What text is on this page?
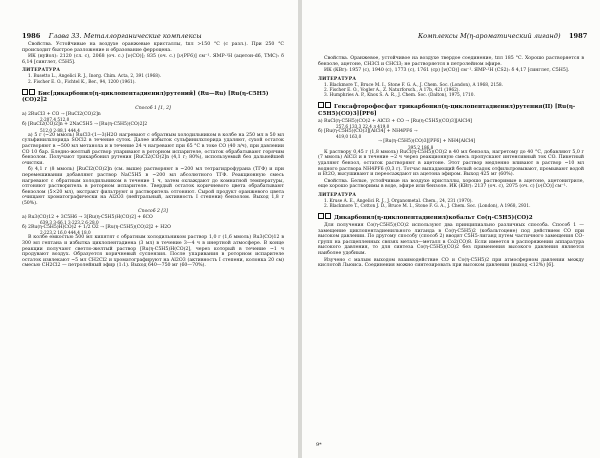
1986 Глава 33. Металлорганические комплексы

Свойства. Устойчивые на воздухе оранжевые кристаллы, tпл >150 °С (с разл.). При 250 °С происходит быстрое разложение и образование ферроцена.

ИК (нуйол): 2120 (сл. с), 2068 (оч. с.) [ν(CO)]; 835 (оч. с.) [ν(PF6)] см⁻¹. ЯМР-¹Н (ацетон-d6, ТМС): δ 6,14 [синглет, C5H5].

ЛИТЕРАТУРА

1. Busetto L., Angelici R. J., Inorg. Chim. Acta, 2, 391 (1968).

2. Fischer E. O., Fichtel K., Ber., 94, 1200 (1961).

Бис[дикарбонил(η-циклопентадиенил)рутений] (Ru—Ru) [Ru(η-C5H5)(CO)2]2
Способ 1 [1, 2]

a) 2RuCl3 + CO → [RuCl2(CO)2]n

2·207,4 512,0

б) [RuCl2(CO)2]n + 2NaC5H5 → [Ru(η-C5H5)(CO)2]2

512,0 2·88,1 444,4

а) 5 г (~20 ммоль) RuCl3·(1—3)H2O нагревают с обратным холодильником в колбе на 250 мл в 50 мл сульфинилхлорида SOCl2 в течение суток. Далее избыток сульфинилхлорида удаляют, сухой остаток растворяют в ~500 мл метанола и в течение 24 ч нагревают при 65 °С в токе CO (40 л/ч), при давлении СО 10 бар. Бледно-желтый раствор упаривают в роторном испарителе, остаток обрабатывают горячим бензолом. Получают трикарбонил рутения [RuCl2(CO)2]n (4,1 г; 80%), используемый без дальнейшей очистки.

б) 4,1 г (8 ммоль) [RuCl2(CO)2]n (см. выше) растворяют в ~200 мл тетрагидрофурана (ТГФ) и при перемешивании добавляют раствор NaC5H5 в ~200 мл абсолютного ТГФ. Реакционную смесь нагревают с обратным холодильником в течение 1 ч, затем охлаждают до комнатной температуры, отгоняют растворитель в роторном испарителе. Твердый остаток коричневого цвета обрабатывают бензолом (5×20 мл), экстракт фильтруют и растворитель отгоняют. Сырой продукт оранжевого цвета очищают хроматографически на Al2O3 (нейтральный, активность I степени) бензолом. Выход 1,8 г (50%).

Способ 2 [3]

a) Ru3(CO)12 + 3C5H6 → 3[Ru(η-C5H5)H(CO)2] + 6CO

639,3 3·66,1 3·223,2 6·28,0

б) 2Ru(η-C5H5)H(CO)2 + 1/2 O2 → [Ru(η-C5H5)(CO)2]2 + H2O

2·223,2 16,0 444,4 18,0

В колбе емкостью 500 мл кипятят с обратным холодильником раствор 1,0 г (1,6 ммоль) Ru3(CO)12 в 300 мл гептана и избытка циклопентадиена (3 мл) в течение 3—4 ч в инертной атмосфере. В конце реакции получают светло-желтый раствор [Ru(η-C5H5)H(CO)2], через который в течение ~1 ч продувают воздух. Образуется коричневый суспензия. После упаривания в роторном испарителе остаток извлекают ~5 мл CH2Cl2 и хроматографируют на Al2O3 (активность I степени, колонка 20 см) смесью CH2Cl2 — петролейный эфир (1:1). Выход 640—750 мг (60—70%).

Комплексы M(η-ароматический лиганд) 1987

Свойства. Оранжевое, устойчивое на воздухе твердое соединение, tпл 185 °С. Хорошо растворяется в бензоле, ацетоне, CH3Cl и CHCl3; не растворяется в петролейном эфире.

ИК (КBr): 1957 (с), 1940 (с), 1773 (с), 1761 (ср) [ν(CO)] см⁻¹. ЯМР-¹Н (CS2): δ 4,17 [синглет, C5H5].

ЛИТЕРАТУРА

1. Blackmore T., Bruce M. I., Stone F. G. A., J. Chem. Soc. (London), A 1968, 2158.

2. Fischer E. O., Vogler A., Z. Naturforsch., A 17b, 421 (1962).

3. Humphries A. P., Knox S. A. R., J. Chem. Soc. (Dalton), 1975, 1710.

Гексафторофосфат трикарбонил(η-циклопентадиенил)рутения(II) [Ru(η-C5H5)(CO)3][PF6]

a) RuCl(η-C5H5)(CO)2 + AlCl3 + CO → [Ru(η-C5H5)(CO)3][AlCl4]

257,6 133,3 22,4 л 419,0

б) [Ru(η-C5H5)(CO)3][AlCl4] + NH4PF6 →

419,0 163,0

→ [Ru(η-C5H5)(CO)3][PF6] + NH4[AlCl4]

395,2 186,8

К раствору 0,45 г (1,8 ммоль) RuCl(η-C5H5)(CO)2 в 40 мл бензола, нагретому до 40 °С, добавляют 5,0 г (7 ммоль) AlCl3 и в течение ~2 ч через реакционную смесь пропускают интенсивный ток CO. Пикетный удаляют бензол, остаток растворяют в ацетоне. Этот раствор медленно вливают в раствор ~10 мл водного раствора NH4PF6 (0,3 г). Тотчас выпадающий белый осадок отфильтровывают, промывают водой и Et2O, высушивают и переосаждают из ацетона эфиром. Выход 425 мг (60%).

Свойства. Белые, устойчивые на воздухе кристаллы, хорошо растворимые в ацетоне, ацетонитриле, еще хорошо растворимы в воде, эфире или бензоле. ИК (KBr): 2137 (оч. с), 2075 (оч. с) [ν(CO)] см⁻¹.

ЛИТЕРАТУРА

1. Kruse A. E., Angelici R. J., J. Organometal. Chem., 24, 231 (1970).

2. Blackmore T., Cotton J. D., Bruce M. I., Stone F. G. A., J. Chem. Soc. (London), A 1968, 2931.

Дикарбонил(η-циклопентадиенил)кобальт Co(η-C5H5)(CO)2

Для получения Co(η-C5H5)(CO)2 используют два принципиально различных способа. Способ 1 — замещение циклопентадиенильного лиганда в Co(η-C5H5)2 (кобальтоцене) под действием CO при высоком давлении. По другому способу (способ 2) вводят C5H5-лиганд путем частичного замещения CO-групп на расщепленных связях металл—металл в Co2(CO)8. Если имеется в распоряжении аппаратура высокого давления, то для синтеза Co(η-C5H5)(CO)2 без применения высокого давления является наиболее удобным.

Изучено с малым выходом взаимодействие CO и Co(η-C5H5)2 при атмосферном давлении между кислотой Льюиса. Соединения можно синтезировать при высоком давлении (выход <12%) [6].

9*
